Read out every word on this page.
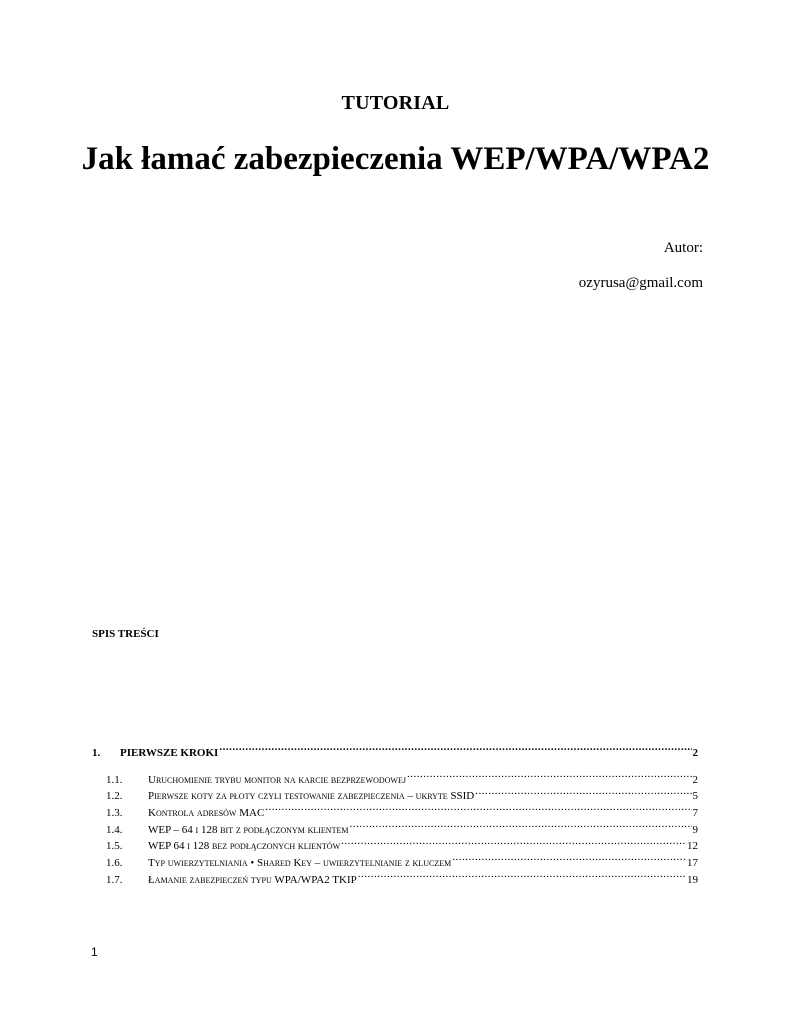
TUTORIAL
Jak łamać zabezpieczenia WEP/WPA/WPA2
Autor:
ozyrusa@gmail.com
SPIS TREŚCI
1.	PIERWSZE KROKI .....	2
1.1.	Uruchomienie trybu monitor na karcie bezprzewodowej .....	2
1.2.	Pierwsze koty za płoty czyli testowanie zabezpieczenia – ukryte SSID .....	5
1.3.	Kontrola adresów MAC .....	7
1.4.	WEP – 64 i 128 bit z podłączonym klientem .....	9
1.5.	WEP 64 i 128 bez podłączonych klientów .....	12
1.6.	Typ uwierzytelniania • Shared Key – uwierzytelnianie z kluczem .....	17
1.7.	Łamanie zabezpieczeń typu WPA/WPA2 TKIP .....	19
1
